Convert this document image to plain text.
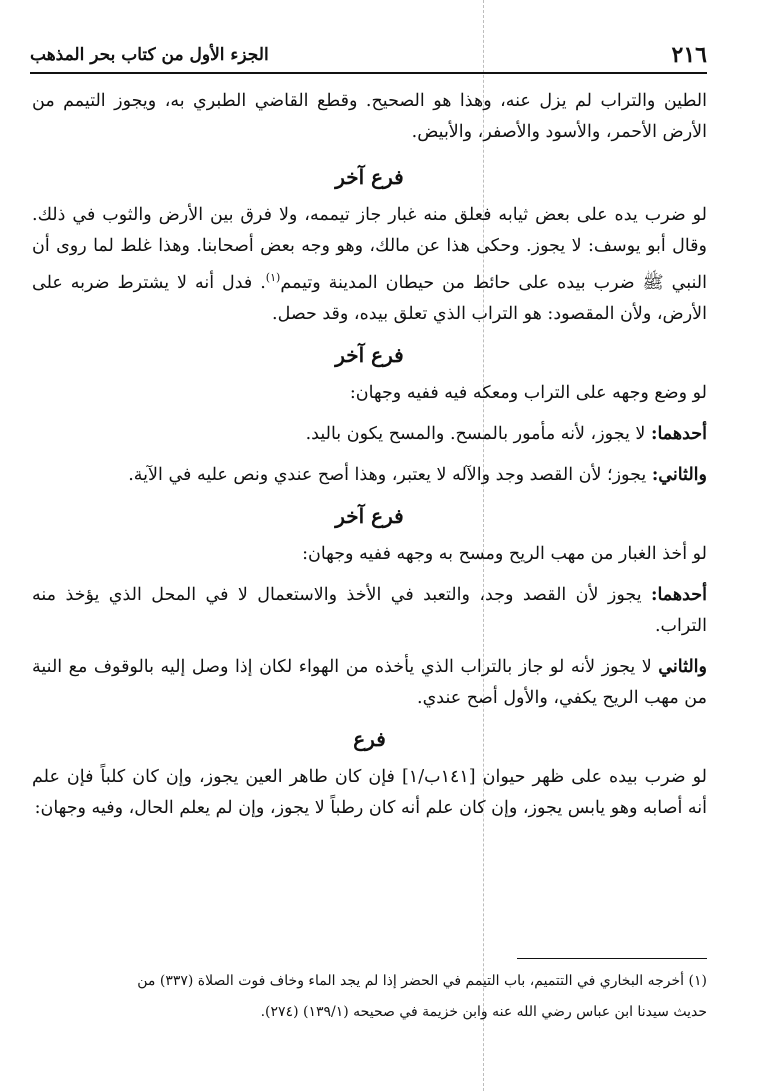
٢١٦
الجزء الأول من كتاب بحر المذهب

الطين والتراب لم يزل عنه، وهذا هو الصحيح. وقطع القاضي الطبري به، ويجوز التيمم من الأرض الأحمر، والأسود والأصفر، والأبيض.

فرع آخر

لو ضرب يده على بعض ثيابه فعلق منه غبار جاز تيممه، ولا فرق بين الأرض والثوب في ذلك. وقال أبو يوسف: لا يجوز. وحكى هذا عن مالك، وهو وجه بعض أصحابنا. وهذا غلط لما روى أن النبي ﷺ ضرب بيده على حائط من حيطان المدينة وتيمم$^{(١)}$. فدل أنه لا يشترط ضربه على الأرض، ولأن المقصود: هو التراب الذي تعلق بيده، وقد حصل.

فرع آخر

لو وضع وجهه على التراب ومعكه فيه ففيه وجهان:

أحدهما: لا يجوز، لأنه مأمور بالمسح. والمسح يكون باليد.

والثاني: يجوز؛ لأن القصد وجد والآله لا يعتبر، وهذا أصح عندي ونص عليه في الآية.

فرع آخر

لو أخذ الغبار من مهب الريح ومسح به وجهه ففيه وجهان:

أحدهما: يجوز لأن القصد وجد، والتعبد في الأخذ والاستعمال لا في المحل الذي يؤخذ منه التراب.

والثاني لا يجوز لأنه لو جاز بالتراب الذي يأخذه من الهواء لكان إذا وصل إليه بالوقوف مع النية من مهب الريح يكفي، والأول أصح عندي.

فرع

لو ضرب بيده على ظهر حيوان [١٤١ب/١] فإن كان طاهر العين يجوز، وإن كان كلباً فإن علم أنه أصابه وهو يابس يجوز، وإن كان علم أنه كان رطباً لا يجوز، وإن لم يعلم الحال، وفيه وجهان:

(١) أخرجه البخاري في التتميم، باب التيمم في الحضر إذا لم يجد الماء وخاف فوت الصلاة (٣٣٧) من

حديث سيدنا ابن عباس رضي الله عنه وابن خزيمة في صحيحه (١٣٩/١) (٢٧٤).
